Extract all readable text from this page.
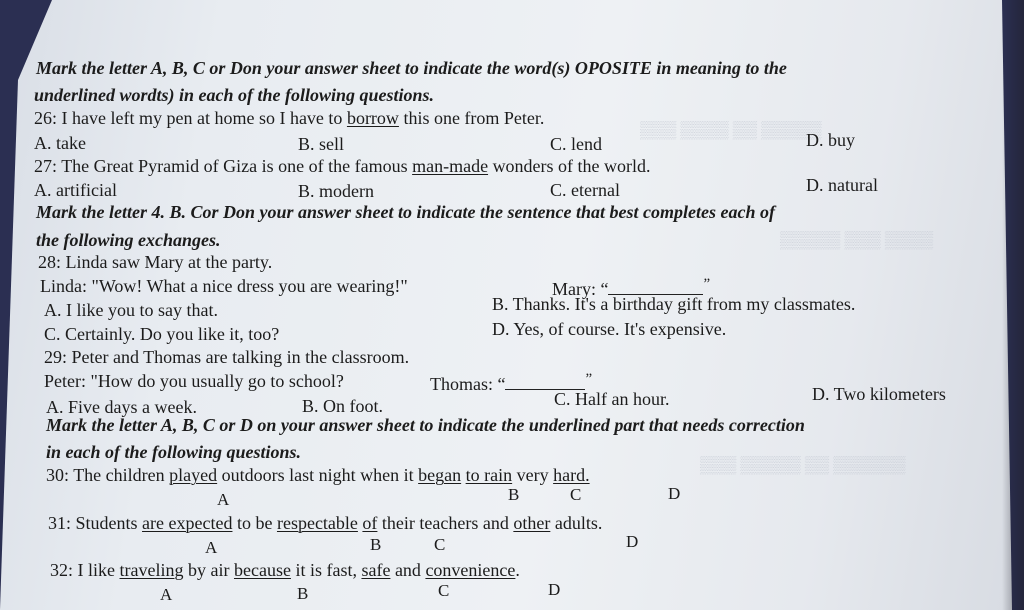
▒▒▒ ▒▒▒▒ ▒▒ ▒▒▒▒▒
▒▒▒▒▒ ▒▒▒ ▒▒▒▒
▒▒▒ ▒▒▒▒▒ ▒▒ ▒▒▒▒▒▒
Mark the letter A, B, C or Don your answer sheet to indicate the word(s) OPOSITE in meaning to the
underlined wordts) in each of the following questions.
26: I have left my pen at home so I have to borrow this one from Peter.
A. take	B. sell	C. lend	D. buy
27: The Great Pyramid of Giza is one of the famous man-made wonders of the world.
A. artificial	B. modern	C. eternal	D. natural
Mark the letter 4. B. Cor Don your answer sheet to indicate the sentence that best completes each of
the following exchanges.
28: Linda saw Mary at the party.
Linda: "Wow! What a nice dress you are wearing!"	Mary: “	”
A. I like you to say that.	B. Thanks. It's a birthday gift from my classmates.
C. Certainly. Do you like it, too?	D. Yes, of course. It's expensive.
29: Peter and Thomas are talking in the classroom.
Peter: "How do you usually go to school?	Thomas: “	”
A. Five days a week.	B. On foot.	C. Half an hour.	D. Two kilometers
Mark the letter A, B, C or D on your answer sheet to indicate the underlined part that needs correction
in each of the following questions.
30: The children played outdoors last night when it began to rain very hard.
A	B	C	D
31: Students are expected to be respectable of their teachers and other adults.
A	B	C	D
32: I like traveling by air because it is fast, safe and convenience.
A	B	C	D
